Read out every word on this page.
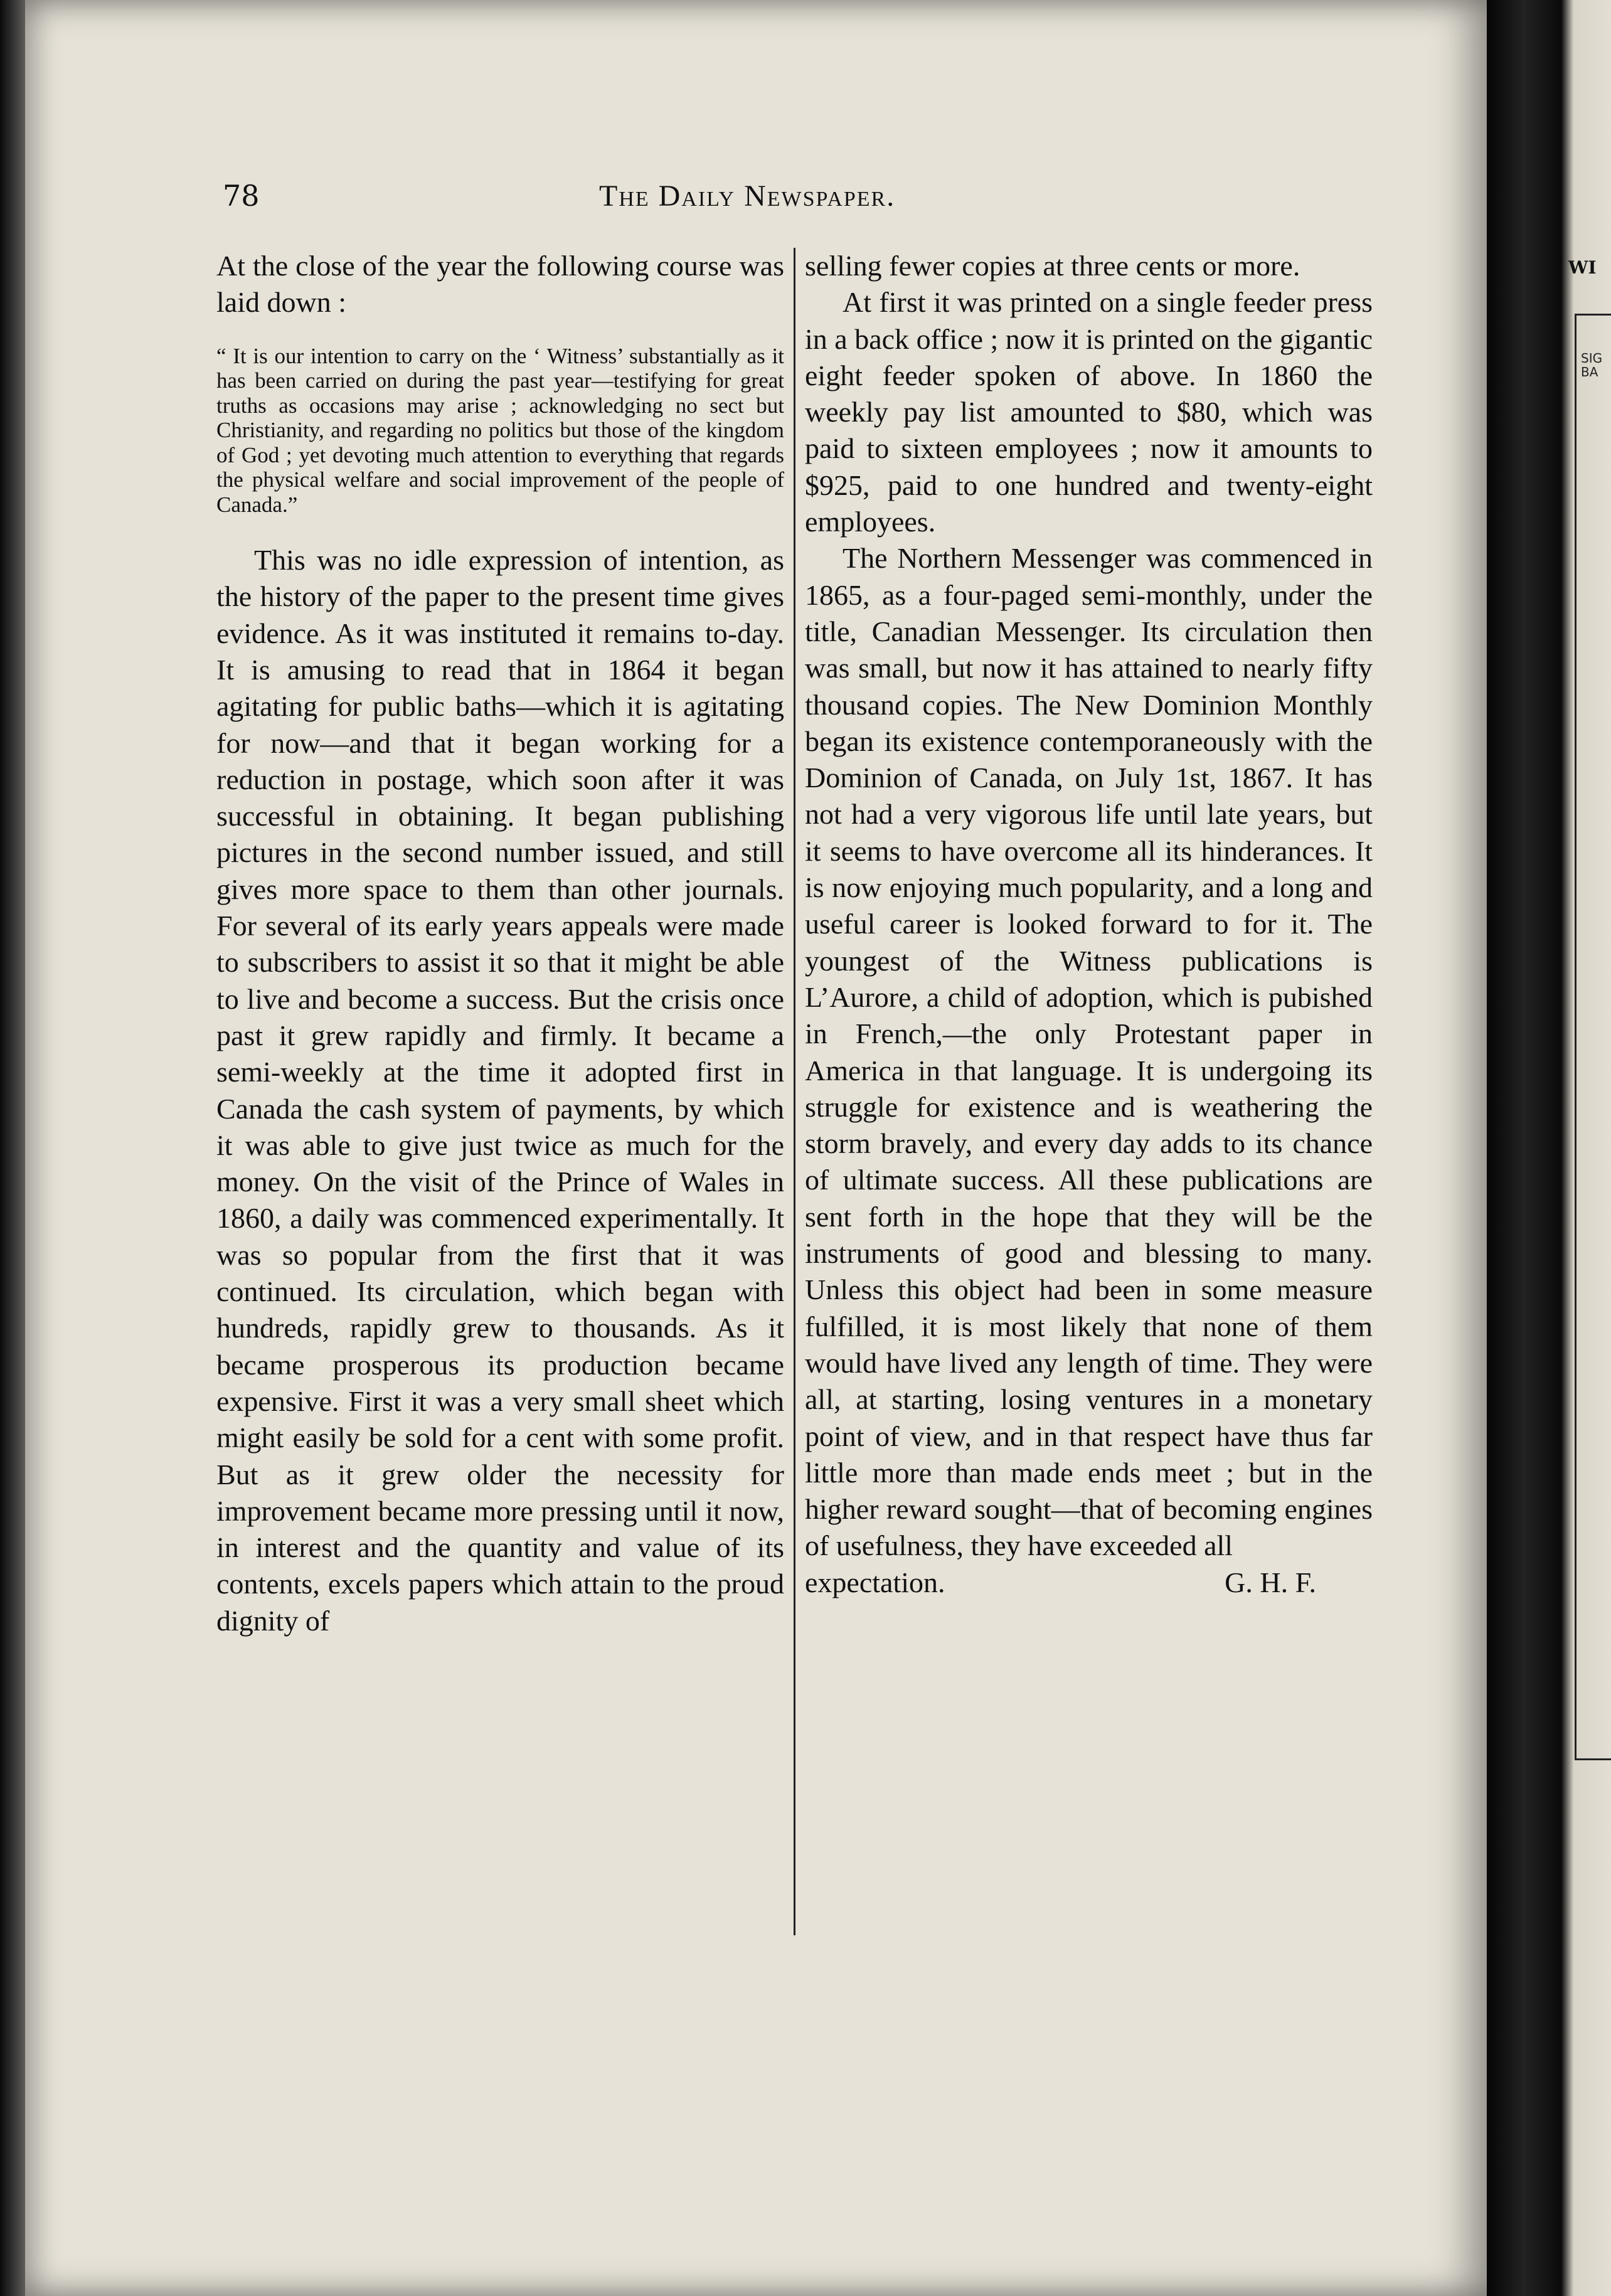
WI
SIG
BA
78	The Daily Newspaper.

At the close of the year the following course was laid down :

“ It is our intention to carry on the ‘ Witness’ substantially as it has been carried on during the past year—testifying for great truths as occasions may arise ; acknowledging no sect but Christianity, and regarding no politics but those of the kingdom of God ; yet devoting much attention to everything that regards the physical welfare and social improvement of the people of Canada.”

This was no idle expression of intention, as the history of the paper to the present time gives evidence. As it was instituted it remains to-day. It is amusing to read that in 1864 it began agitating for public baths—which it is agitating for now—and that it began working for a reduction in postage, which soon after it was successful in obtaining. It began publishing pictures in the second number issued, and still gives more space to them than other journals. For several of its early years appeals were made to subscribers to assist it so that it might be able to live and become a success. But the crisis once past it grew rapidly and firmly. It became a semi-weekly at the time it adopted first in Canada the cash system of payments, by which it was able to give just twice as much for the money. On the visit of the Prince of Wales in 1860, a daily was commenced experimentally. It was so popular from the first that it was continued. Its circulation, which began with hundreds, rapidly grew to thousands. As it became prosperous its production became expensive. First it was a very small sheet which might easily be sold for a cent with some profit. But as it grew older the necessity for improvement became more pressing until it now, in interest and the quantity and value of its contents, excels papers which attain to the proud dignity of

selling fewer copies at three cents or more.

At first it was printed on a single feeder press in a back office ; now it is printed on the gigantic eight feeder spoken of above. In 1860 the weekly pay list amounted to $80, which was paid to sixteen employees ; now it amounts to $925, paid to one hundred and twenty-eight employees.

The Northern Messenger was commenced in 1865, as a four-paged semi-monthly, under the title, Canadian Messenger. Its circulation then was small, but now it has attained to nearly fifty thousand copies. The New Dominion Monthly began its existence contemporaneously with the Dominion of Canada, on July 1st, 1867. It has not had a very vigorous life until late years, but it seems to have overcome all its hinderances. It is now enjoying much popularity, and a long and useful career is looked forward to for it. The youngest of the Witness publications is L’Aurore, a child of adoption, which is pubished in French,—the only Protestant paper in America in that language. It is undergoing its struggle for existence and is weathering the storm bravely, and every day adds to its chance of ultimate success. All these publications are sent forth in the hope that they will be the instruments of good and blessing to many. Unless this object had been in some measure fulfilled, it is most likely that none of them would have lived any length of time. They were all, at starting, losing ventures in a monetary point of view, and in that respect have thus far little more than made ends meet ; but in the higher reward sought—that of becoming engines of usefulness, they have exceeded all

expectation.	G. H. F.
